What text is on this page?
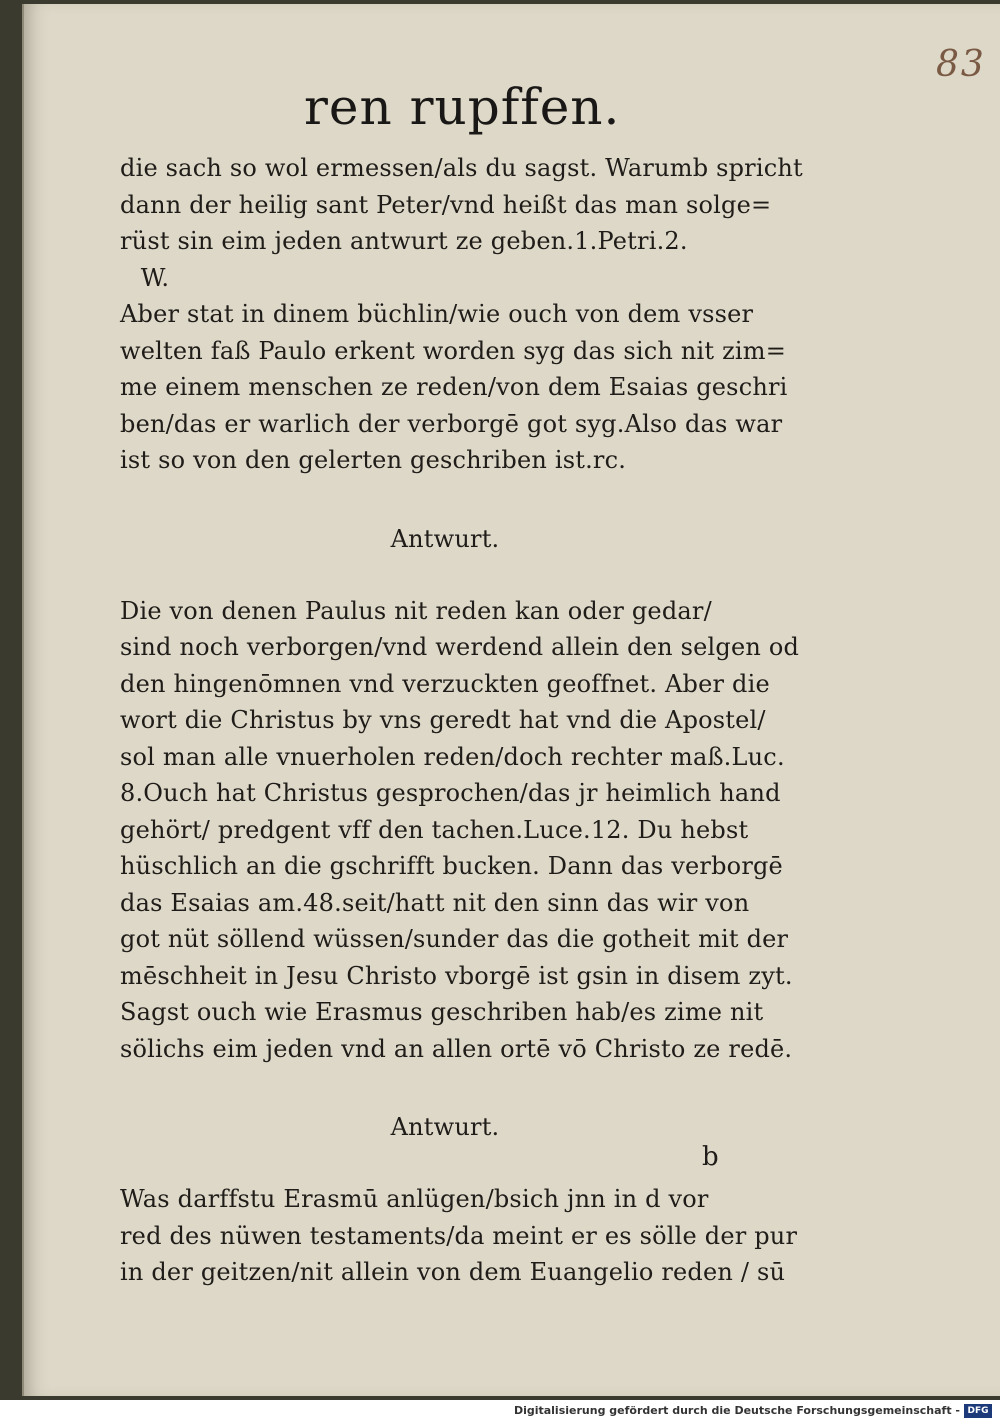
83
ren rupffen.
die sach so wol ermessen/als du sagst. Warumb spricht
dann der heilig sant Peter/vnd heißt das man solge=
rüst sin eim jeden antwurt ze geben.1.Petri.2.
W.
Aber stat in dinem büchlin/wie ouch von dem vsser
welten faß Paulo erkent worden syg das sich nit zim=
me einem menschen ze reden/von dem Esaias geschri
ben/das er warlich der verborgē got syg.Also das war
ist so von den gelerten geschriben ist.rc.
Antwurt.
Die von denen Paulus nit reden kan oder gedar/
sind noch verborgen/vnd werdend allein den selgen od
den hingenōmnen vnd verzuckten geoffnet. Aber die
wort die Christus by vns geredt hat vnd die Apostel/
sol man alle vnuerholen reden/doch rechter maß.Luc.
8.Ouch hat Christus gesprochen/das jr heimlich hand
gehört/ predgent vff den tachen.Luce.12. Du hebst
hüschlich an die gschrifft bucken. Dann das verborgē
das Esaias am.48.seit/hatt nit den sinn das wir von
got nüt söllend wüssen/sunder das die gotheit mit der
mēschheit in Jesu Christo vborgē ist gsin in disem zyt.
Sagst ouch wie Erasmus geschriben hab/es zime nit
sölichs eim jeden vnd an allen ortē vō Christo ze redē.
Antwurt.
Was darffstu Erasmū anlügen/bsich jnn in d vor
red des nüwen testaments/da meint er es sölle der pur
in der geitzen/nit allein von dem Euangelio reden / sū
b
Digitalisierung gefördert durch die Deutsche Forschungsgemeinschaft - DFG
